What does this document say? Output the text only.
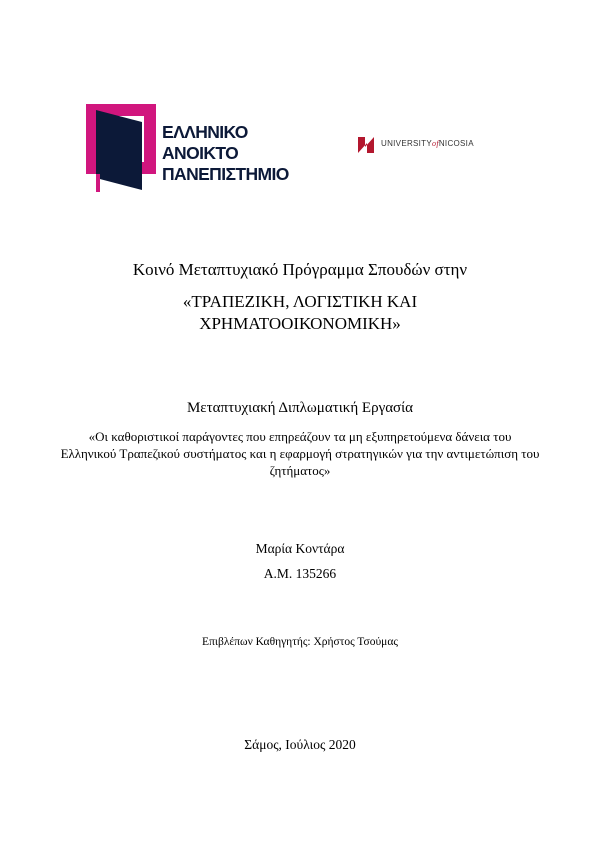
ΕΛΛΗΝΙΚΟ
ΑΝΟΙΚΤΟ
ΠΑΝΕΠΙΣΤΗΜΙΟ
UNIVERSITYofNICOSIA
Κοινό Μεταπτυχιακό Πρόγραμμα Σπουδών στην
«ΤΡΑΠΕΖΙΚΗ, ΛΟΓΙΣΤΙΚΗ ΚΑΙ
ΧΡΗΜΑΤΟΟΙΚΟΝΟΜΙΚΗ»
Μεταπτυχιακή Διπλωματική Εργασία
«Οι καθοριστικοί παράγοντες που επηρεάζουν τα μη εξυπηρετούμενα δάνεια του Ελληνικού Τραπεζικού συστήματος και η εφαρμογή στρατηγικών για την αντιμετώπιση του ζητήματος»
Μαρία Κοντάρα
Α.Μ. 135266
Επιβλέπων Καθηγητής: Χρήστος Τσούμας
Σάμος, Ιούλιος 2020
